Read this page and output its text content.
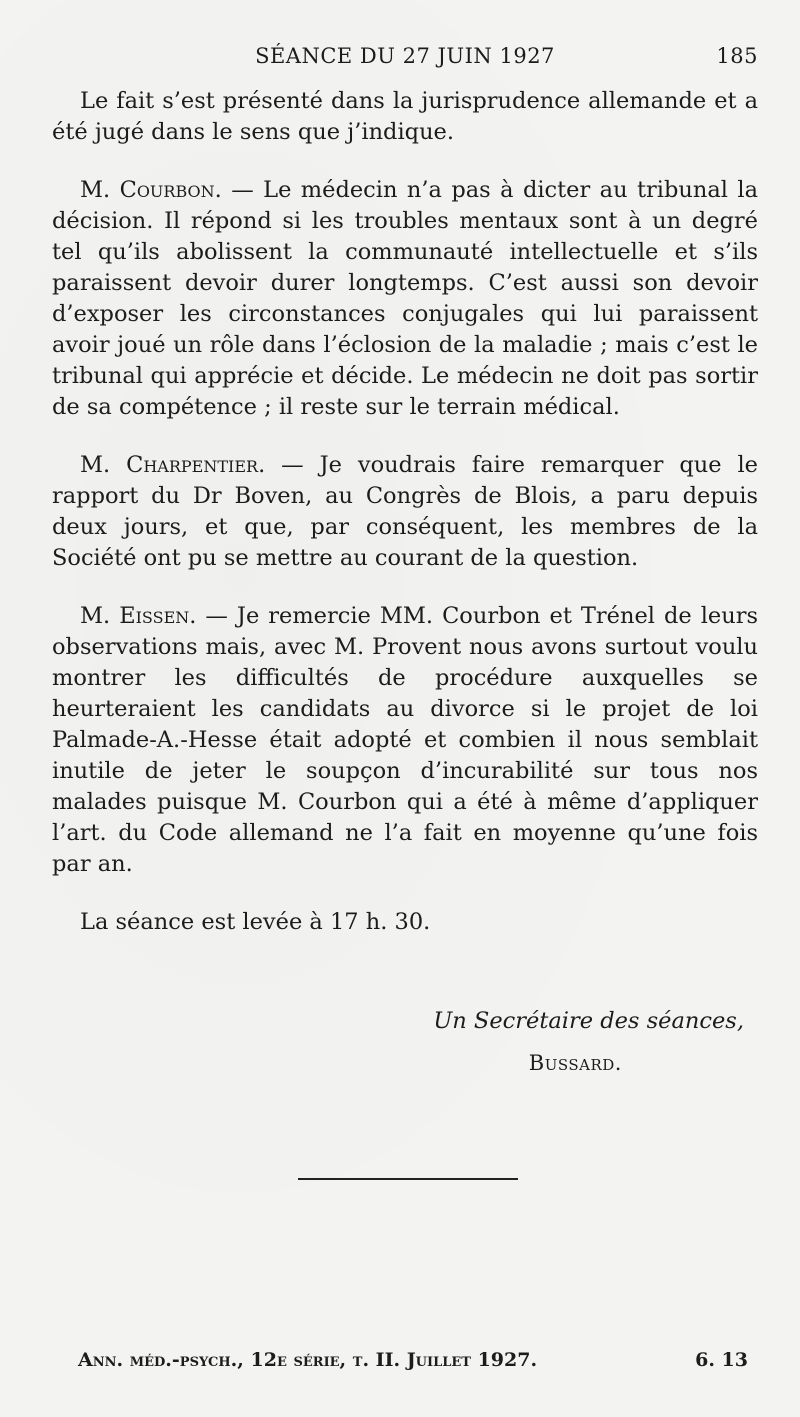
SÉANCE DU 27 JUIN 1927	185

Le fait s’est présenté dans la jurisprudence allemande et a été jugé dans le sens que j’indique.

M. Courbon. — Le médecin n’a pas à dicter au tribunal la décision. Il répond si les troubles mentaux sont à un degré tel qu’ils abolissent la communauté intellectuelle et s’ils paraissent devoir durer longtemps. C’est aussi son devoir d’exposer les circonstances conjugales qui lui paraissent avoir joué un rôle dans l’éclosion de la maladie ; mais c’est le tribunal qui apprécie et décide. Le médecin ne doit pas sortir de sa compétence ; il reste sur le terrain médical.

M. Charpentier. — Je voudrais faire remarquer que le rapport du Dr Boven, au Congrès de Blois, a paru depuis deux jours, et que, par conséquent, les membres de la Société ont pu se mettre au courant de la question.

M. Eissen. — Je remercie MM. Courbon et Trénel de leurs observations mais, avec M. Provent nous avons surtout voulu montrer les difficultés de procédure auxquelles se heurteraient les candidats au divorce si le projet de loi Palmade-A.-Hesse était adopté et combien il nous semblait inutile de jeter le soupçon d’incurabilité sur tous nos malades puisque M. Courbon qui a été à même d’appliquer l’art. du Code allemand ne l’a fait en moyenne qu’une fois par an.

La séance est levée à 17 h. 30.

Un Secrétaire des séances,
Bussard.
Ann. méd.-psych., 12e série, t. II. Juillet 1927.	6. 13
